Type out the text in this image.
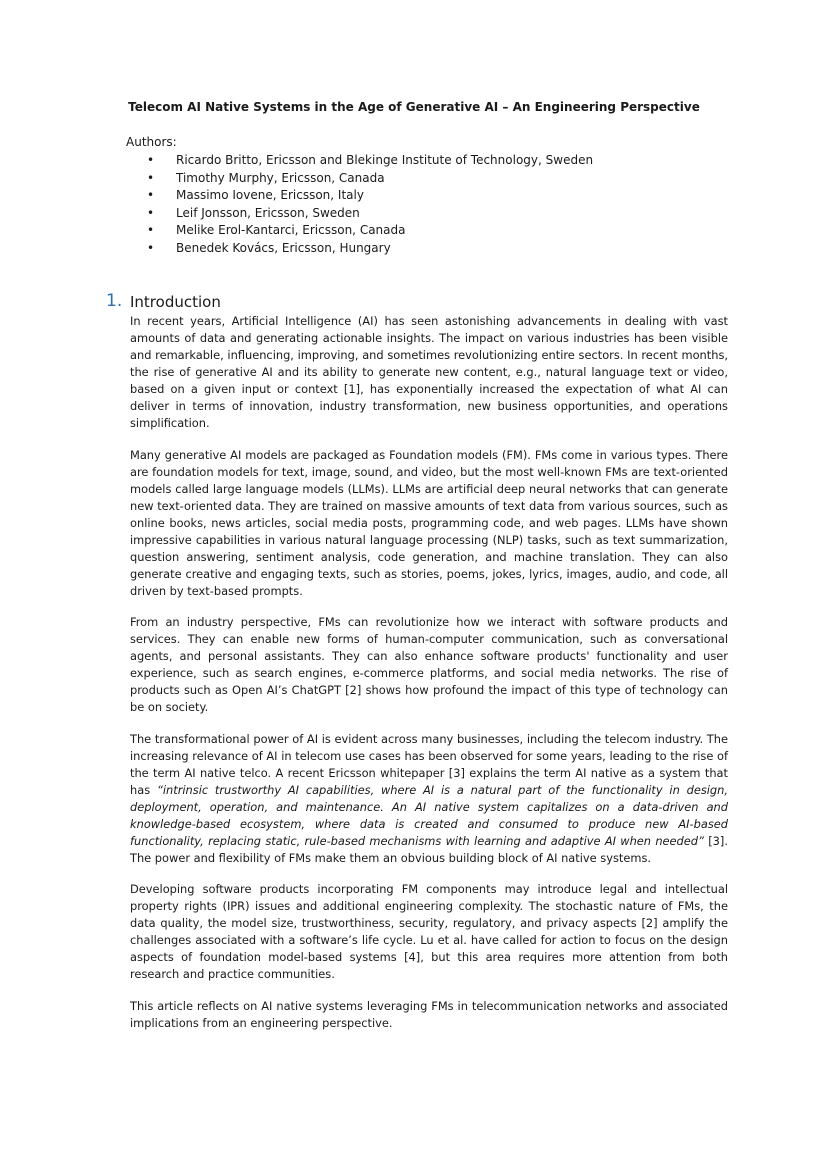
Telecom AI Native Systems in the Age of Generative AI – An Engineering Perspective
Authors:
• Ricardo Britto, Ericsson and Blekinge Institute of Technology, Sweden
• Timothy Murphy, Ericsson, Canada
• Massimo Iovene, Ericsson, Italy
• Leif Jonsson, Ericsson, Sweden
• Melike Erol-Kantarci, Ericsson, Canada
• Benedek Kovács, Ericsson, Hungary
1. Introduction

In recent years, Artificial Intelligence (AI) has seen astonishing advancements in dealing with vast amounts of data and generating actionable insights. The impact on various industries has been visible and remarkable, influencing, improving, and sometimes revolutionizing entire sectors. In recent months, the rise of generative AI and its ability to generate new content, e.g., natural language text or video, based on a given input or context [1], has exponentially increased the expectation of what AI can deliver in terms of innovation, industry transformation, new business opportunities, and operations simplification.

Many generative AI models are packaged as Foundation models (FM). FMs come in various types. There are foundation models for text, image, sound, and video, but the most well-known FMs are text-oriented models called large language models (LLMs). LLMs are artificial deep neural networks that can generate new text-oriented data. They are trained on massive amounts of text data from various sources, such as online books, news articles, social media posts, programming code, and web pages. LLMs have shown impressive capabilities in various natural language processing (NLP) tasks, such as text summarization, question answering, sentiment analysis, code generation, and machine translation. They can also generate creative and engaging texts, such as stories, poems, jokes, lyrics, images, audio, and code, all driven by text-based prompts.

From an industry perspective, FMs can revolutionize how we interact with software products and services. They can enable new forms of human-computer communication, such as conversational agents, and personal assistants. They can also enhance software products' functionality and user experience, such as search engines, e-commerce platforms, and social media networks. The rise of products such as Open AI’s ChatGPT [2] shows how profound the impact of this type of technology can be on society.

The transformational power of AI is evident across many businesses, including the telecom industry. The increasing relevance of AI in telecom use cases has been observed for some years, leading to the rise of the term AI native telco. A recent Ericsson whitepaper [3] explains the term AI native as a system that has “intrinsic trustworthy AI capabilities, where AI is a natural part of the functionality in design, deployment, operation, and maintenance. An AI native system capitalizes on a data-driven and knowledge-based ecosystem, where data is created and consumed to produce new AI-based functionality, replacing static, rule-based mechanisms with learning and adaptive AI when needed” [3]. The power and flexibility of FMs make them an obvious building block of AI native systems.

Developing software products incorporating FM components may introduce legal and intellectual property rights (IPR) issues and additional engineering complexity. The stochastic nature of FMs, the data quality, the model size, trustworthiness, security, regulatory, and privacy aspects [2] amplify the challenges associated with a software’s life cycle. Lu et al. have called for action to focus on the design aspects of foundation model-based systems [4], but this area requires more attention from both research and practice communities.

This article reflects on AI native systems leveraging FMs in telecommunication networks and associated implications from an engineering perspective.
